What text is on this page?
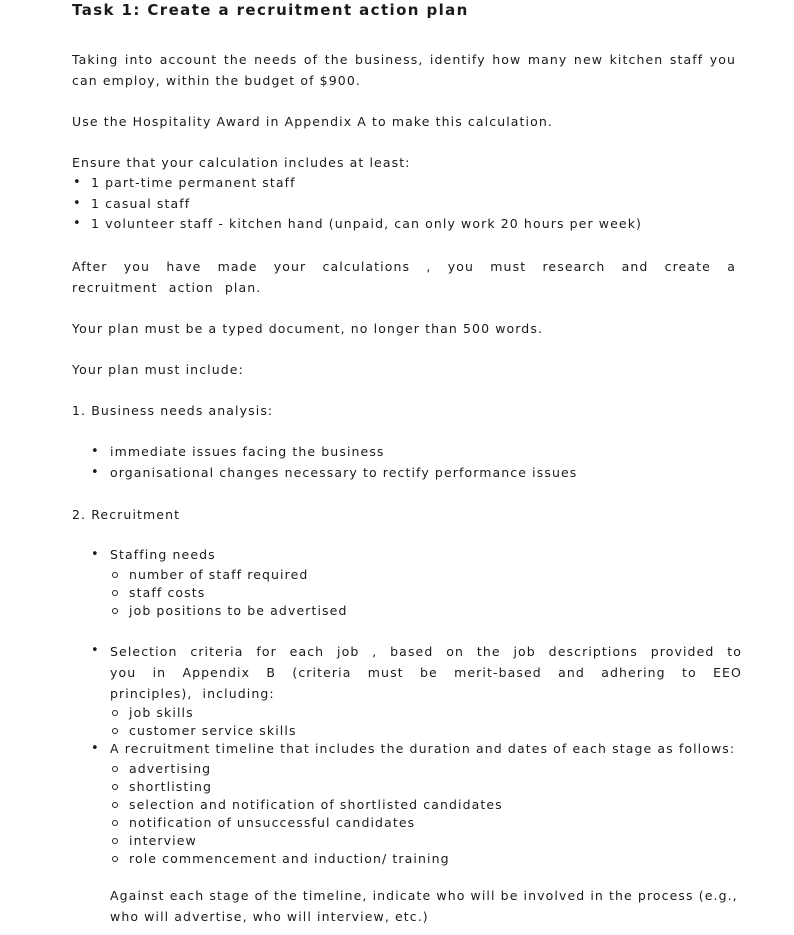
Task 1: Create a recruitment action plan

Taking into account the needs of the business, identify how many new kitchen staff you can employ, within the budget of $900.

Use the Hospitality Award in Appendix A to make this calculation.

Ensure that your calculation includes at least:

• 1 part-time permanent staff
• 1 casual staff
• 1 volunteer staff - kitchen hand (unpaid, can only work 20 hours per week)

After you have made your calculations , you must research and create a recruitment action plan.

Your plan must be a typed document, no longer than 500 words.

Your plan must include:

1. Business needs analysis:

• immediate issues facing the business
• organisational changes necessary to rectify performance issues

2. Recruitment

• Staffing needs
number of staff required
staff costs
job positions to be advertised
• Selection criteria for each job , based on the job descriptions provided to you in Appendix B (criteria must be merit-based and adhering to EEO principles), including:
job skills
customer service skills
• A recruitment timeline that includes the duration and dates of each stage as follows:
advertising
shortlisting
selection and notification of shortlisted candidates
notification of unsuccessful candidates
interview
role commencement and induction/ training

Against each stage of the timeline, indicate who will be involved in the process (e.g., who will advertise, who will interview, etc.)
